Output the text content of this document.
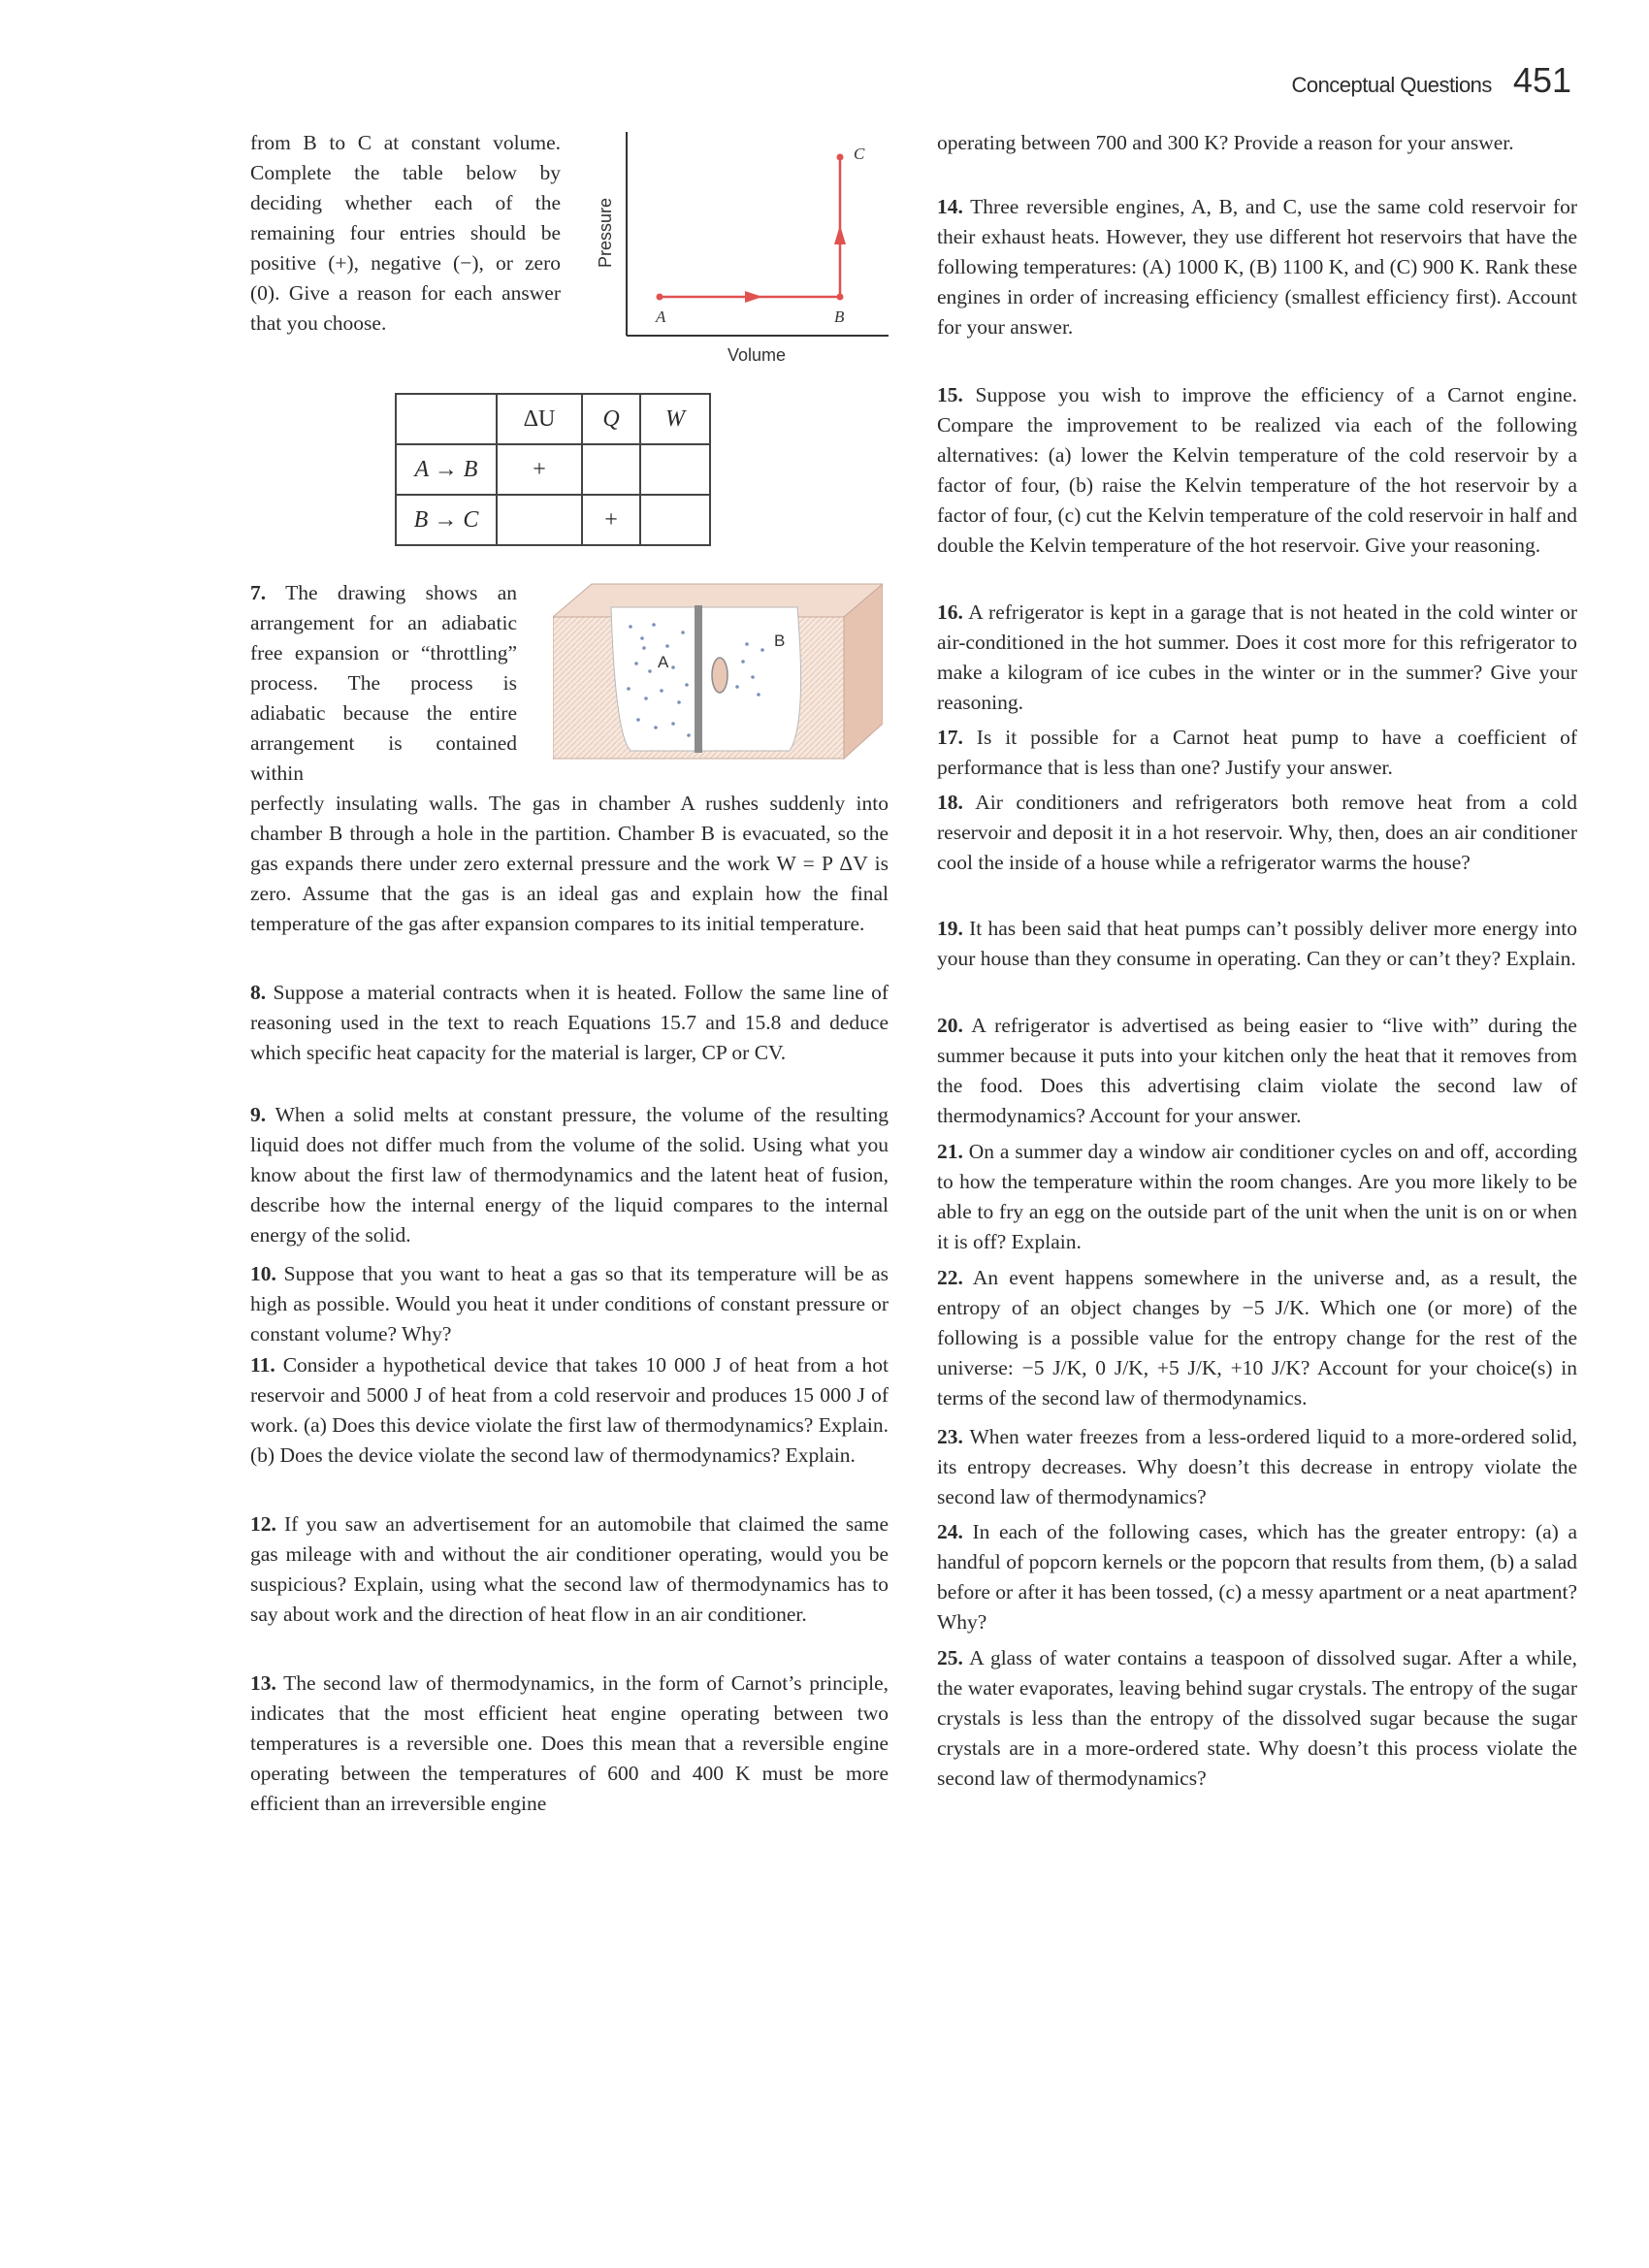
Conceptual Questions 451

from B to C at constant volume. Complete the table below by deciding whether each of the remaining four entries should be positive (+), negative (−), or zero (0). Give a reason for each answer that you choose.	A	B
C
Volume
Pressure
	ΔU	Q	W
A → B	+		
B → C		+	

7. The drawing shows an arrangement for an adiabatic free expansion or “throttling” process. The process is adiabatic because the entire arrangement is contained within

A
B

perfectly insulating walls. The gas in chamber A rushes suddenly into chamber B through a hole in the partition. Chamber B is evacuated, so the gas expands there under zero external pressure and the work W = P ΔV is zero. Assume that the gas is an ideal gas and explain how the final temperature of the gas after expansion compares to its initial temperature.

8. Suppose a material contracts when it is heated. Follow the same line of reasoning used in the text to reach Equations 15.7 and 15.8 and deduce which specific heat capacity for the material is larger, CP or CV.

9. When a solid melts at constant pressure, the volume of the resulting liquid does not differ much from the volume of the solid. Using what you know about the first law of thermodynamics and the latent heat of fusion, describe how the internal energy of the liquid compares to the internal energy of the solid.

10. Suppose that you want to heat a gas so that its temperature will be as high as possible. Would you heat it under conditions of constant pressure or constant volume? Why?

11. Consider a hypothetical device that takes 10 000 J of heat from a hot reservoir and 5000 J of heat from a cold reservoir and produces 15 000 J of work. (a) Does this device violate the first law of thermodynamics? Explain. (b) Does the device violate the second law of thermodynamics? Explain.

12. If you saw an advertisement for an automobile that claimed the same gas mileage with and without the air conditioner operating, would you be suspicious? Explain, using what the second law of thermodynamics has to say about work and the direction of heat flow in an air conditioner.

13. The second law of thermodynamics, in the form of Carnot’s principle, indicates that the most efficient heat engine operating between two temperatures is a reversible one. Does this mean that a reversible engine operating between the temperatures of 600 and 400 K must be more efficient than an irreversible engine

operating between 700 and 300 K? Provide a reason for your answer.

14. Three reversible engines, A, B, and C, use the same cold reservoir for their exhaust heats. However, they use different hot reservoirs that have the following temperatures: (A) 1000 K, (B) 1100 K, and (C) 900 K. Rank these engines in order of increasing efficiency (smallest efficiency first). Account for your answer.

15. Suppose you wish to improve the efficiency of a Carnot engine. Compare the improvement to be realized via each of the following alternatives: (a) lower the Kelvin temperature of the cold reservoir by a factor of four, (b) raise the Kelvin temperature of the hot reservoir by a factor of four, (c) cut the Kelvin temperature of the cold reservoir in half and double the Kelvin temperature of the hot reservoir. Give your reasoning.

16. A refrigerator is kept in a garage that is not heated in the cold winter or air-conditioned in the hot summer. Does it cost more for this refrigerator to make a kilogram of ice cubes in the winter or in the summer? Give your reasoning.

17. Is it possible for a Carnot heat pump to have a coefficient of performance that is less than one? Justify your answer.

18. Air conditioners and refrigerators both remove heat from a cold reservoir and deposit it in a hot reservoir. Why, then, does an air conditioner cool the inside of a house while a refrigerator warms the house?

19. It has been said that heat pumps can’t possibly deliver more energy into your house than they consume in operating. Can they or can’t they? Explain.

20. A refrigerator is advertised as being easier to “live with” during the summer because it puts into your kitchen only the heat that it removes from the food. Does this advertising claim violate the second law of thermodynamics? Account for your answer.

21. On a summer day a window air conditioner cycles on and off, according to how the temperature within the room changes. Are you more likely to be able to fry an egg on the outside part of the unit when the unit is on or when it is off? Explain.

22. An event happens somewhere in the universe and, as a result, the entropy of an object changes by −5 J/K. Which one (or more) of the following is a possible value for the entropy change for the rest of the universe: −5 J/K, 0 J/K, +5 J/K, +10 J/K? Account for your choice(s) in terms of the second law of thermodynamics.

23. When water freezes from a less-ordered liquid to a more-ordered solid, its entropy decreases. Why doesn’t this decrease in entropy violate the second law of thermodynamics?

24. In each of the following cases, which has the greater entropy: (a) a handful of popcorn kernels or the popcorn that results from them, (b) a salad before or after it has been tossed, (c) a messy apartment or a neat apartment? Why?

25. A glass of water contains a teaspoon of dissolved sugar. After a while, the water evaporates, leaving behind sugar crystals. The entropy of the sugar crystals is less than the entropy of the dissolved sugar because the sugar crystals are in a more-ordered state. Why doesn’t this process violate the second law of thermodynamics?
